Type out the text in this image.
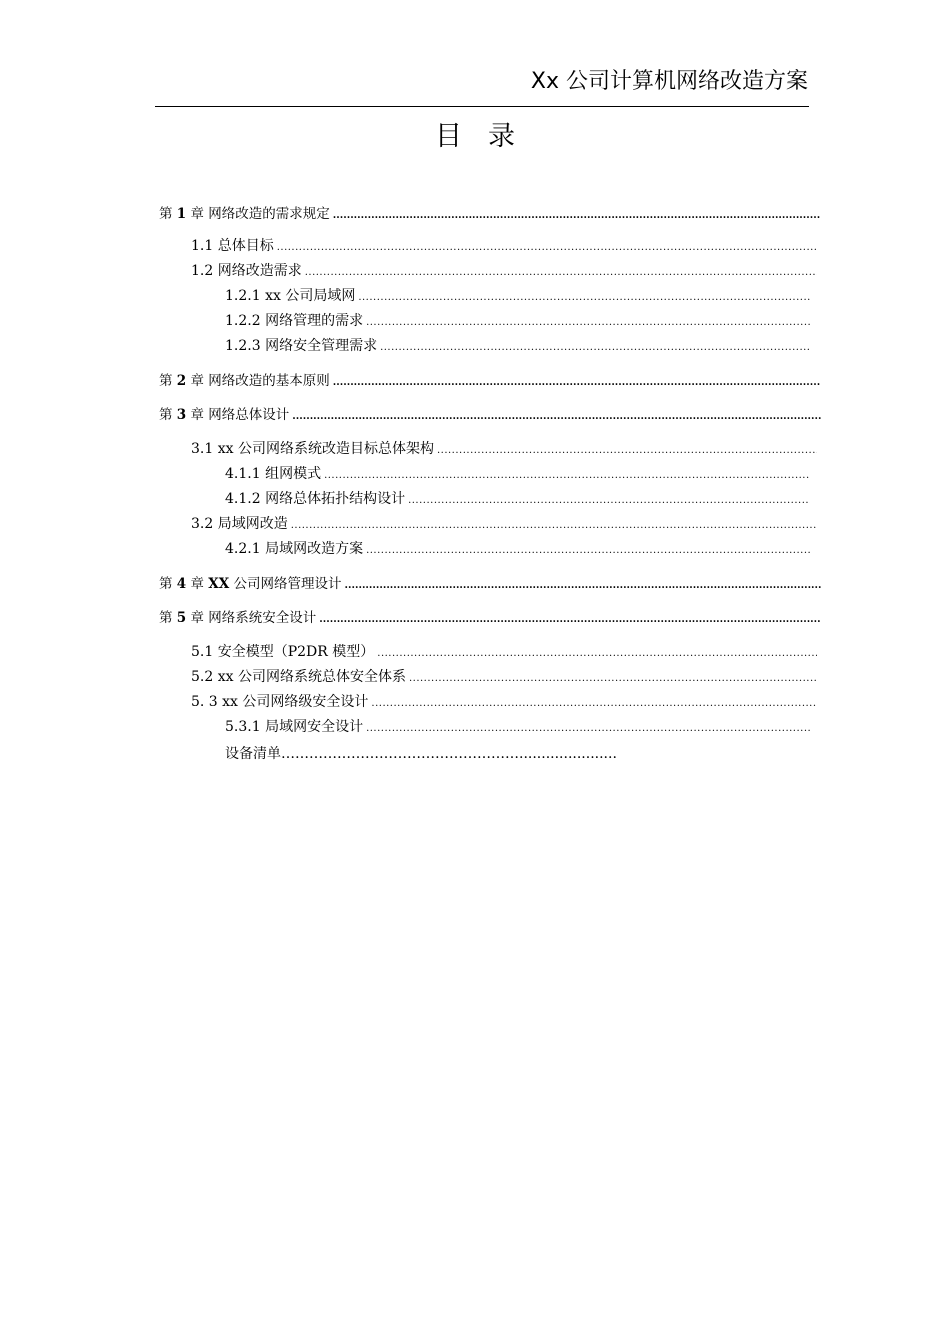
Xx 公司计算机网络改造方案
目录
第 1 章 网络改造的需求规定
.....
1.1 总体目标
.....
1.2 网络改造需求
.....
1.2.1 xx 公司局域网
.....
1.2.2 网络管理的需求
.....
1.2.3 网络安全管理需求
.....
第 2 章 网络改造的基本原则
.....
第 3 章 网络总体设计
.....
3.1 xx 公司网络系统改造目标总体架构
.....
4.1.1 组网模式
.....
4.1.2 网络总体拓扑结构设计
.....
3.2 局域网改造
.....
4.2.1 局域网改造方案
.....
第 4 章 XX 公司网络管理设计
.....
第 5 章 网络系统安全设计
.....
5.1 安全模型（P2DR 模型）
.....
5.2 xx 公司网络系统总体安全体系
.....
5. 3 xx 公司网络级安全设计
.....
5.3.1 局域网安全设计
.....
设备清单……………………………………………......................
